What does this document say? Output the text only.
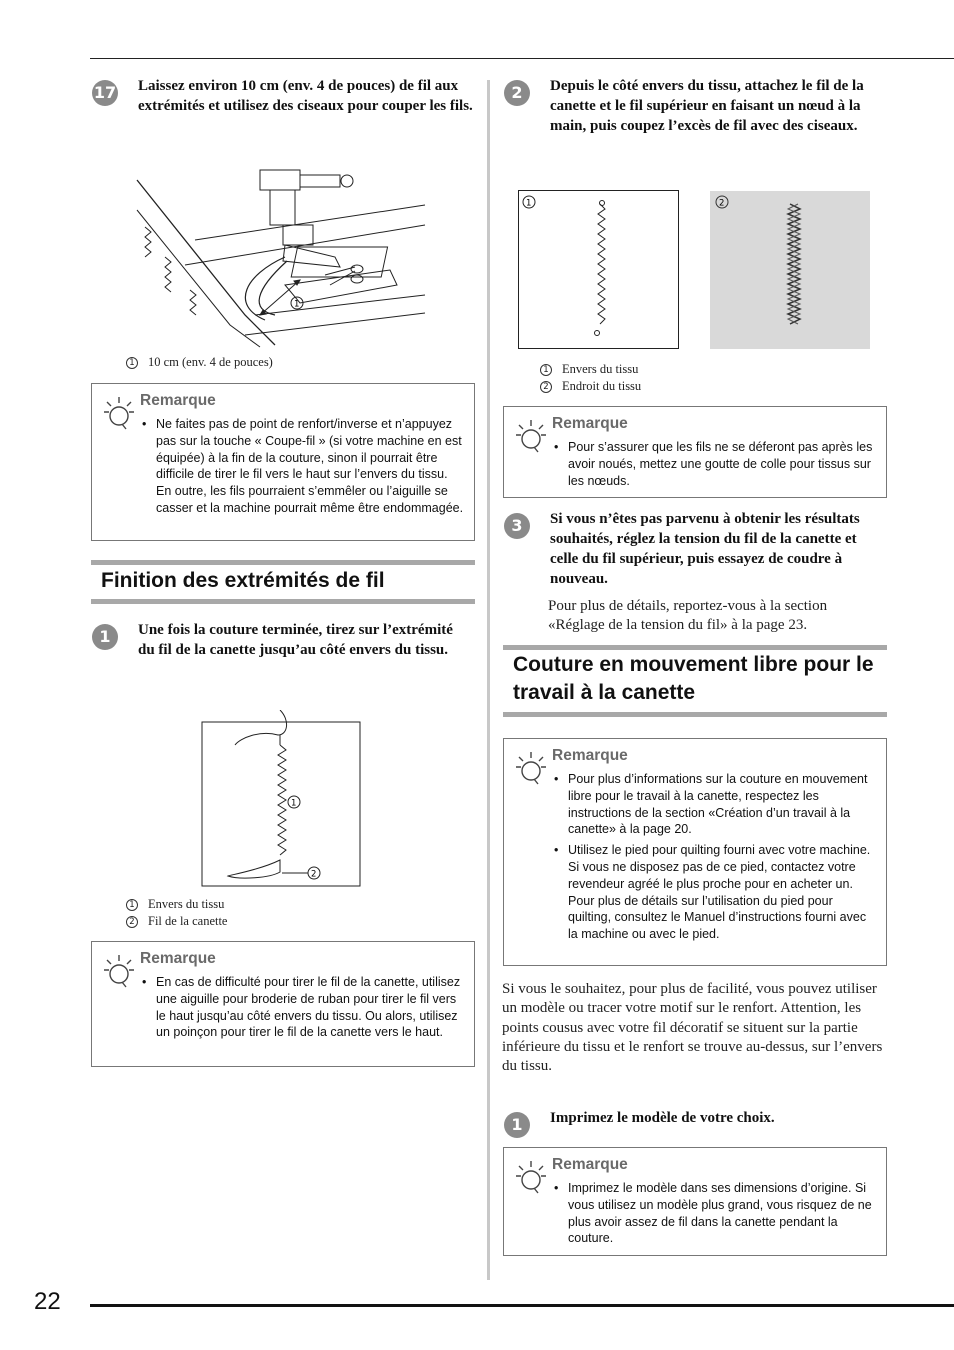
17 Laissez environ 10 cm (env. 4 de pouces) de fil aux extrémités et utilisez des ciseaux pour couper les fils.
1
1 10 cm (env. 4 de pouces)
Remarque
• Ne faites pas de point de renfort/inverse et n’appuyez pas sur la touche « Coupe-fil » (si votre machine en est équipée) à la fin de la couture, sinon il pourrait être difficile de tirer le fil vers le haut sur l’envers du tissu. En outre, les fils pourraient s’emmêler ou l’aiguille se casser et la machine pourrait même être endommagée.
Finition des extrémités de fil
1	Une fois la couture terminée, tirez sur l’extrémité du fil de la canette jusqu’au côté envers du tissu.
1
2
1 Envers du tissu
2 Fil de la canette
Remarque
• En cas de difficulté pour tirer le fil de la canette, utilisez une aiguille pour broderie de ruban pour tirer le fil vers le haut jusqu’au côté envers du tissu. Ou alors, utilisez un poinçon pour tirer le fil de la canette vers le haut.
2	Depuis le côté envers du tissu, attachez le fil de la canette et le fil supérieur en faisant un nœud à la main, puis coupez l’excès de fil avec des ciseaux.
1	2
1 Envers du tissu
2 Endroit du tissu
Remarque
• Pour s’assurer que les fils ne se déferont pas après les avoir noués, mettez une goutte de colle pour tissus sur les nœuds.
3	Si vous n’êtes pas parvenu à obtenir les résultats souhaités, réglez la tension du fil de la canette et celle du fil supérieur, puis essayez de coudre à nouveau.
Pour plus de détails, reportez-vous à la section «Réglage de la tension du fil» à la page 23.
Couture en mouvement libre pour le
travail à la canette
Remarque
• Pour plus d’informations sur la couture en mouvement libre pour le travail à la canette, respectez les instructions de la section «Création d’un travail à la canette» à la page 20.
• Utilisez le pied pour quilting fourni avec votre machine. Si vous ne disposez pas de ce pied, contactez votre revendeur agréé le plus proche pour en acheter un. Pour plus de détails sur l’utilisation du pied pour quilting, consultez le Manuel d’instructions fourni avec la machine ou avec le pied.
Si vous le souhaitez, pour plus de facilité, vous pouvez utiliser un modèle ou tracer votre motif sur le renfort. Attention, les points cousus avec votre fil décoratif se situent sur la partie inférieure du tissu et le renfort se trouve au-dessus, sur l’envers du tissu.
1	Imprimez le modèle de votre choix.
Remarque
• Imprimez le modèle dans ses dimensions d’origine. Si vous utilisez un modèle plus grand, vous risquez de ne plus avoir assez de fil dans la canette pendant la couture.
22
